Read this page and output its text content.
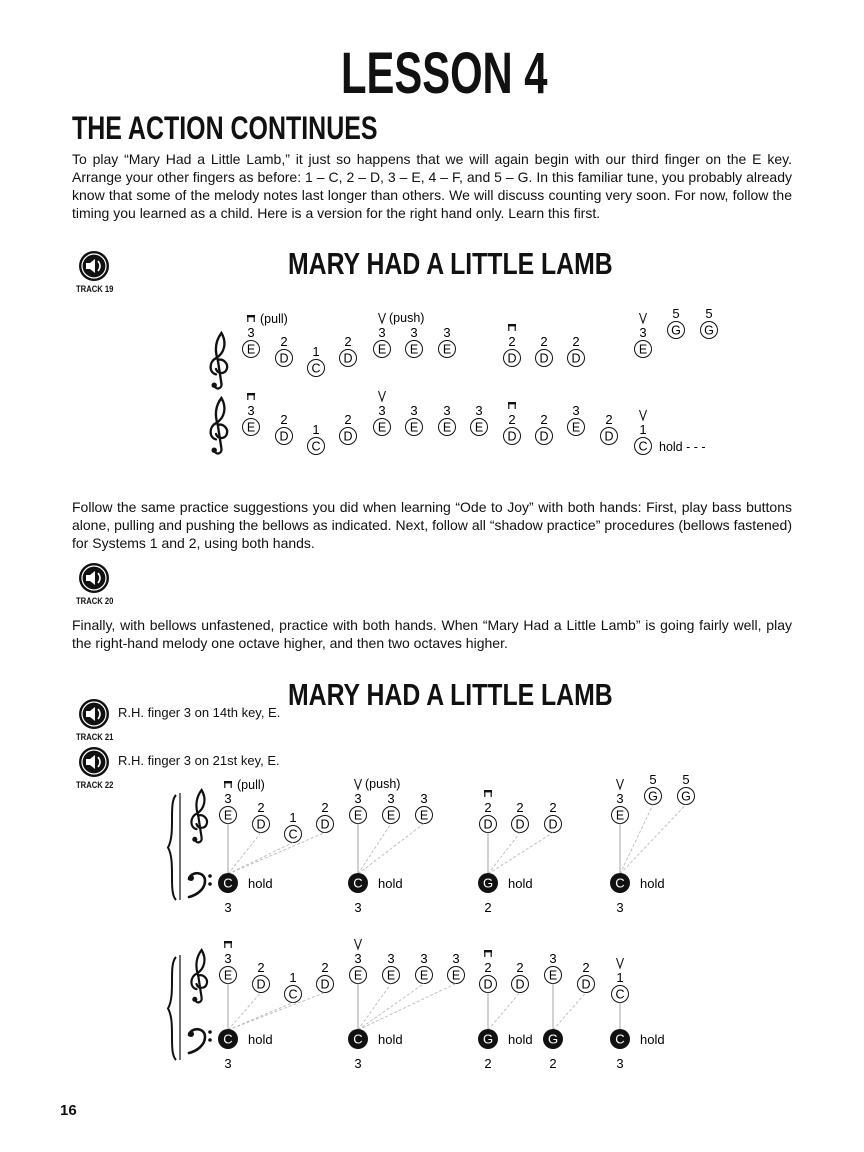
LESSON 4
THE ACTION CONTINUES
To play “Mary Had a Little Lamb,” it just so happens that we will again begin with our third finger on the E key. Arrange your other fingers as before: 1 – C, 2 – D, 3 – E, 4 – F, and 5 – G. In this familiar tune, you probably already know that some of the melody notes last longer than others. We will discuss counting very soon. For now, follow the timing you learned as a child. Here is a version for the right hand only. Learn this first.
TRACK 19
MARY HAD A LITTLE LAMB
E
3
(pull)
D
2
C
1 D
2
E
3
(push)
E
3
E
3
D
2
D
2
D
2
E
3 G
5
G
5
E
3
D
2
C
1 D
2
E
3
E
3
E
3
E
3
D
2
D
2
E
3
D
2
C
1
hold - - -
Follow the same practice suggestions you did when learning “Ode to Joy” with both hands: First, play bass buttons alone, pulling and pushing the bellows as indicated. Next, follow all “shadow practice” procedures (bellows fastened) for Systems 1 and 2, using both hands.
TRACK 20
Finally, with bellows unfastened, practice with both hands. When “Mary Had a Little Lamb” is going fairly well, play the right-hand melody one octave higher, and then two octaves higher.
MARY HAD A LITTLE LAMB
TRACK 21
R.H. finger 3 on 14th key, E.
TRACK 22
R.H. finger 3 on 21st key, E.
E
3
(pull)
D
2
C
1 D
2
E
3
(push)
E
3
E
3
D
2
D
2
D
2
E
3 G
5
G
5
C hold
3
C hold
3
G hold
2
C hold
3
E
3
D
2
C
1 D
2
E
3
E
3
E
3
E
3
D
2
D
2
E
3
D
2
C
1
C hold
3
C hold
3
G hold
2
G
2
C hold
3
16
